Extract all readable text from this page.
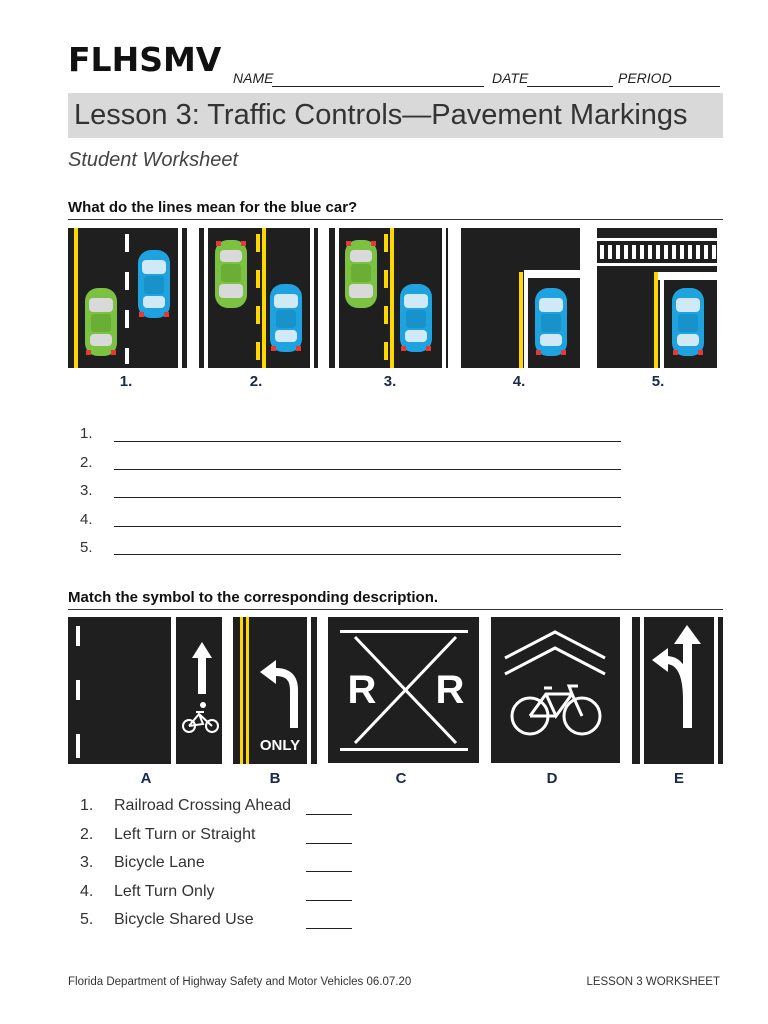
FLHSMV NAME	DATE	PERIOD
Lesson 3: Traffic Controls—Pavement Markings
Student Worksheet
What do the lines mean for the blue car?
1.	2.	3.	4.	5.
1.
2.
3.
4.
5.
Match the symbol to the corresponding description.
ONLY
R R
A	B	C	D	E
1. Railroad Crossing Ahead
2. Left Turn or Straight
3. Bicycle Lane
4. Left Turn Only
5. Bicycle Shared Use
Florida Department of Highway Safety and Motor Vehicles 06.07.20	LESSON 3 WORKSHEET
